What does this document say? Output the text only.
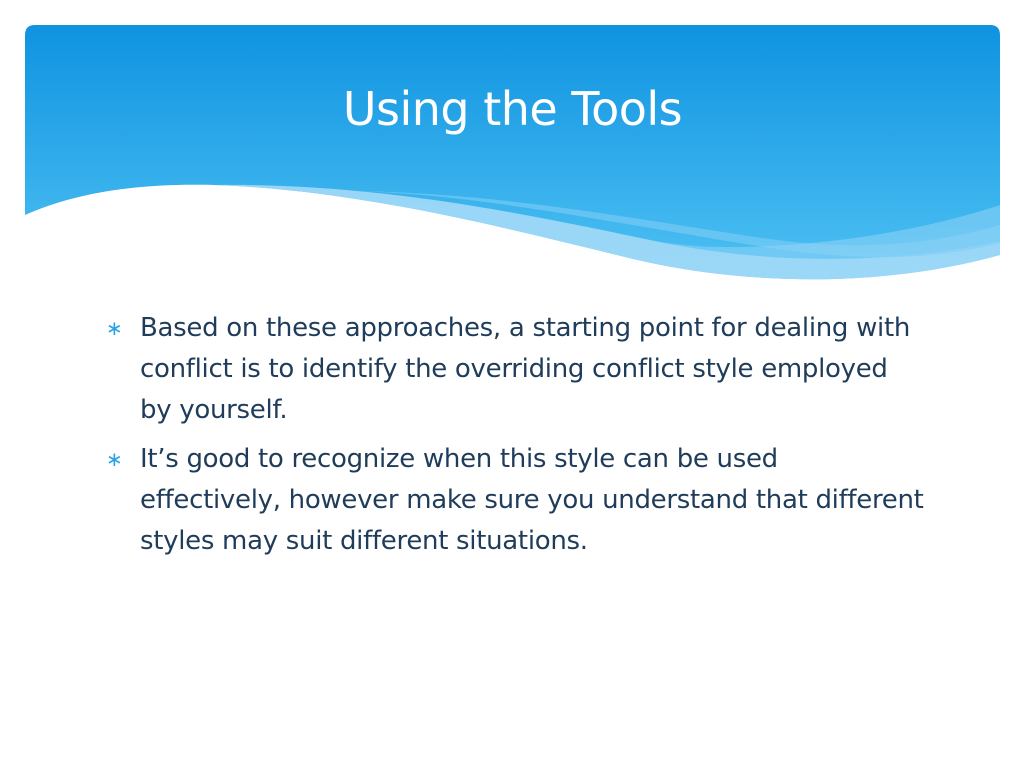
Using the Tools
∗ Based on these approaches, a starting point for dealing with conflict is to identify the overriding conflict style employed by yourself.
∗ It’s good to recognize when this style can be used effectively, however make sure you understand that different styles may suit different situations.
